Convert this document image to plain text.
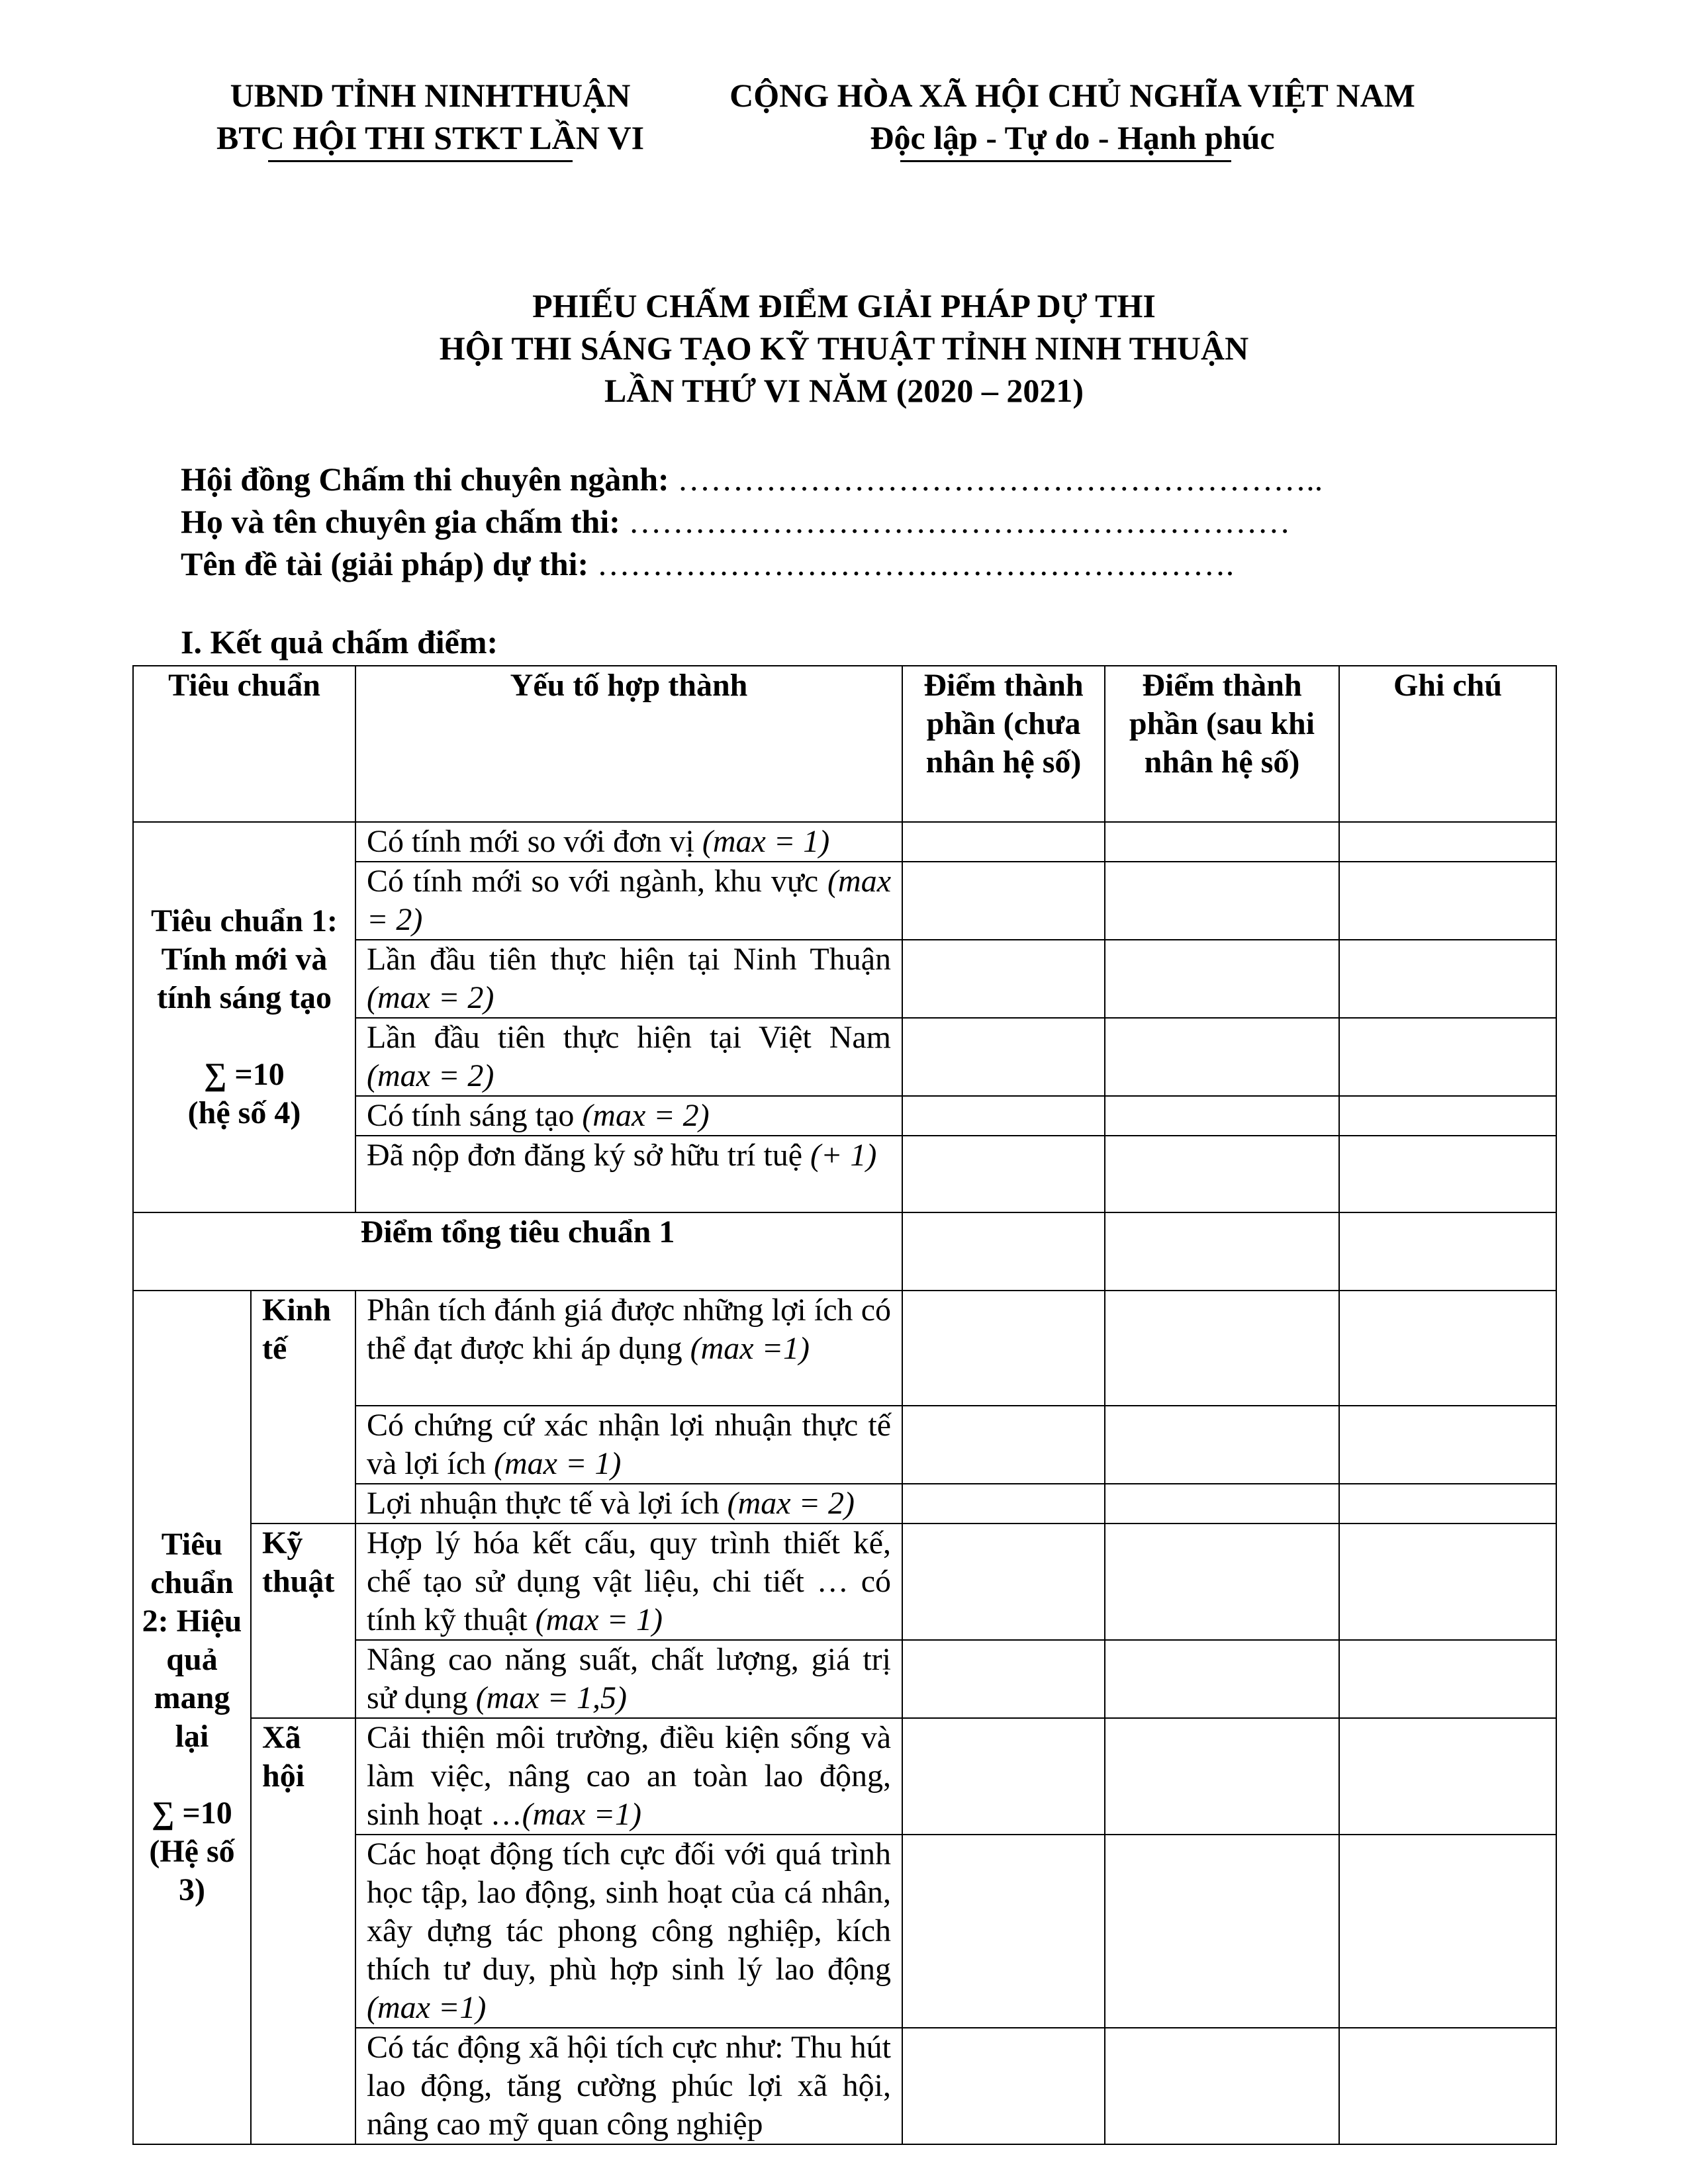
UBND TỈNH NINHTHUẬN
BTC HỘI THI STKT LẦN VI
CỘNG HÒA XÃ HỘI CHỦ NGHĨA VIỆT NAM
Độc lập - Tự do - Hạnh phúc
PHIẾU CHẤM ĐIỂM GIẢI PHÁP DỰ THI
HỘI THI SÁNG TẠO KỸ THUẬT TỈNH NINH THUẬN
LẦN THỨ VI NĂM (2020 – 2021)
Hội đồng Chấm thi chuyên ngành: …………………………………………………..
Họ và tên chuyên gia chấm thi: ……………………………………………………
Tên đề tài (giải pháp) dự thi: ………………………………………………….
I. Kết quả chấm điểm:
Tiêu chuẩn		Yếu tố hợp thành	Điểm thành phần (chưa nhân hệ số)	Điểm thành phần (sau khi nhân hệ số)	Ghi chú

Tiêu chuẩn 1: Tính mới và tính sáng tạo
∑ =10
(hệ số 4)		Có tính mới so với đơn vị (max = 1)			
		Có tính mới so với ngành, khu vực (max = 2)			
		Lần đầu tiên thực hiện tại Ninh Thuận (max = 2)			
		Lần đầu tiên thực hiện tại Việt Nam (max = 2)			
		Có tính sáng tạo (max = 2)			
		Đã nộp đơn đăng ký sở hữu trí tuệ (+ 1)			
Điểm tổng tiêu chuẩn 1					

Tiêu chuẩn 2: Hiệu quả mang lại
∑ =10
(Hệ số 3)	Kinh tế	Phân tích đánh giá được những lợi ích có thể đạt được khi áp dụng (max =1)			
		Có chứng cứ xác nhận lợi nhuận thực tế và lợi ích (max = 1)			
		Lợi nhuận thực tế và lợi ích (max = 2)			
	Kỹ thuật	Hợp lý hóa kết cấu, quy trình thiết kế, chế tạo sử dụng vật liệu, chi tiết … có tính kỹ thuật (max = 1)			
		Nâng cao năng suất, chất lượng, giá trị sử dụng (max = 1,5)			
	Xã hội	Cải thiện môi trường, điều kiện sống và làm việc, nâng cao an toàn lao động, sinh hoạt …(max =1)			
		Các hoạt động tích cực đối với quá trình học tập, lao động, sinh hoạt của cá nhân, xây dựng tác phong công nghiệp, kích thích tư duy, phù hợp sinh lý lao động (max =1)			
		Có tác động xã hội tích cực như: Thu hút lao động, tăng cường phúc lợi xã hội, nâng cao mỹ quan công nghiệp			
